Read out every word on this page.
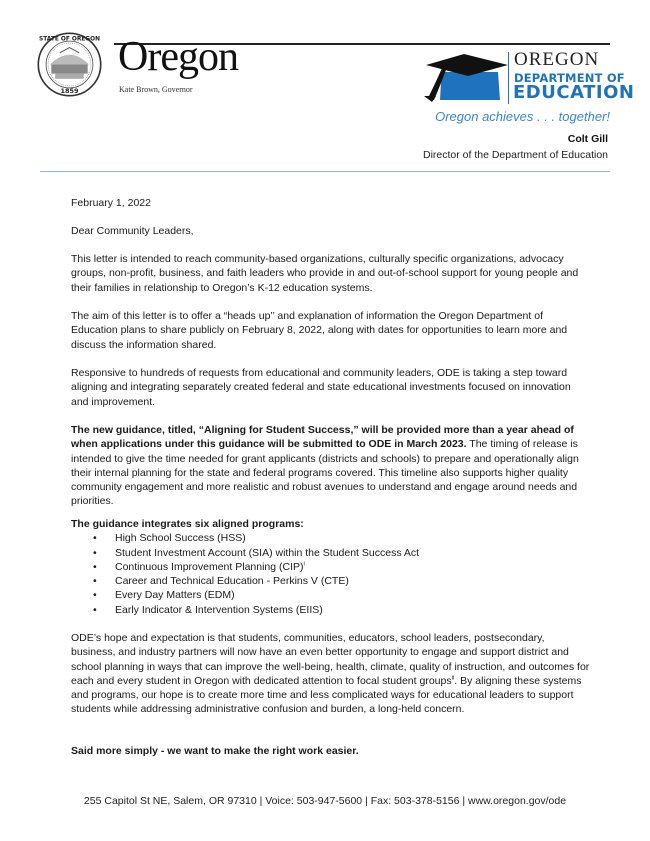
STATE OF OREGON
1859
Oregon
Kate Brown, Governor
OREGON
DEPARTMENT OF
EDUCATION
Oregon achieves . . . together!
Colt Gill
Director of the Department of Education
February 1, 2022
Dear Community Leaders,

This letter is intended to reach community-based organizations, culturally specific organizations, advocacy groups, non-profit, business, and faith leaders who provide in and out-of-school support for young people and their families in relationship to Oregon’s K-12 education systems.

The aim of this letter is to offer a “heads up’’ and explanation of information the Oregon Department of Education plans to share publicly on February 8, 2022, along with dates for opportunities to learn more and discuss the information shared.

Responsive to hundreds of requests from educational and community leaders, ODE is taking a step toward aligning and integrating separately created federal and state educational investments focused on innovation and improvement.

The new guidance, titled, “Aligning for Student Success,” will be provided more than a year ahead of when applications under this guidance will be submitted to ODE in March 2023. The timing of release is intended to give the time needed for grant applicants (districts and schools) to prepare and operationally align their internal planning for the state and federal programs covered. This timeline also supports higher quality community engagement and more realistic and robust avenues to understand and engage around needs and priorities.

The guidance integrates six aligned programs:

• High School Success (HSS)
• Student Investment Account (SIA) within the Student Success Act
• Continuous Improvement Planning (CIP)$^i$
• Career and Technical Education - Perkins V (CTE)
• Every Day Matters (EDM)
• Early Indicator & Intervention Systems (EIIS)

ODE’s hope and expectation is that students, communities, educators, school leaders, postsecondary, business, and industry partners will now have an even better opportunity to engage and support district and school planning in ways that can improve the well-being, health, climate, quality of instruction, and outcomes for each and every student in Oregon with dedicated attention to focal student groups$^{ii}$. By aligning these systems and programs, our hope is to create more time and less complicated ways for educational leaders to support students while addressing administrative confusion and burden, a long-held concern.

Said more simply - we want to make the right work easier.
255 Capitol St NE, Salem, OR 97310 | Voice: 503-947-5600 | Fax: 503-378-5156 | www.oregon.gov/ode
